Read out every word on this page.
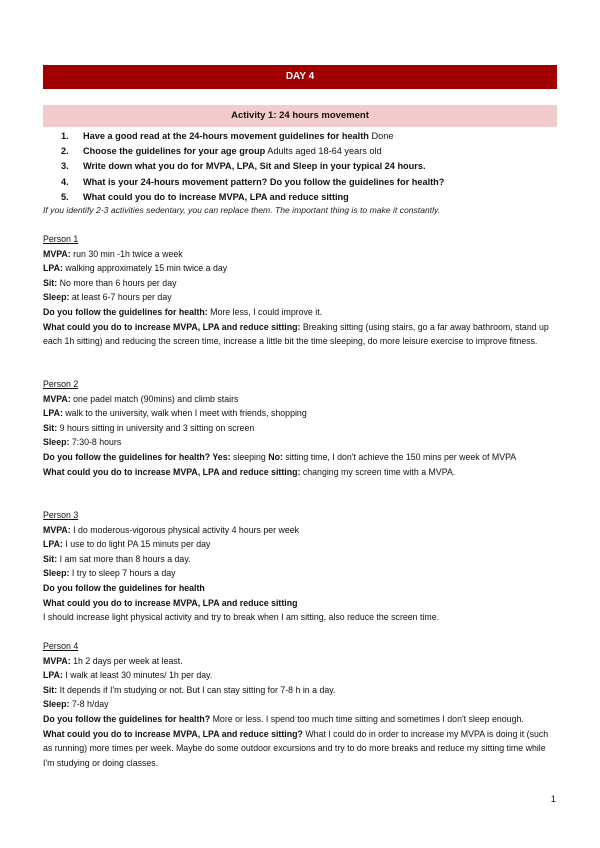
DAY 4
Activity 1: 24 hours movement
1. Have a good read at the 24-hours movement guidelines for health Done
2. Choose the guidelines for your age group Adults aged 18-64 years old
3. Write down what you do for MVPA, LPA, Sit and Sleep in your typical 24 hours.
4. What is your 24-hours movement pattern? Do you follow the guidelines for health?
5. What could you do to increase MVPA, LPA and reduce sitting
If you identify 2-3 activities sedentary, you can replace them. The important thing is to make it constantly.
Person 1
MVPA: run 30 min -1h twice a week
LPA: walking approximately 15 min twice a day
Sit: No more than 6 hours per day
Sleep: at least 6-7 hours per day
Do you follow the guidelines for health: More less, I could improve it.
What could you do to increase MVPA, LPA and reduce sitting: Breaking sitting (using stairs, go a far away bathroom, stand up each 1h sitting) and reducing the screen time, increase a little bit the time sleeping, do more leisure exercise to improve fitness.
Person 2
MVPA: one padel match (90mins) and climb stairs
LPA: walk to the university, walk when I meet with friends, shopping
Sit: 9 hours sitting in university and 3 sitting on screen
Sleep: 7:30-8 hours
Do you follow the guidelines for health? Yes: sleeping No: sitting time, I don't achieve the 150 mins per week of MVPA
What could you do to increase MVPA, LPA and reduce sitting: changing my screen time with a MVPA.
Person 3
MVPA: I do moderous-vigorous physical activity 4 hours per week
LPA: I use to do light PA 15 minuts per day
Sit: I am sat more than 8 hours a day.
Sleep: I try to sleep 7 hours a day
Do you follow the guidelines for health
What could you do to increase MVPA, LPA and reduce sitting
I should increase light physical activity and try to break when I am sitting, also reduce the screen time.
Person 4
MVPA: 1h 2 days per week at least.
LPA: I walk at least 30 minutes/ 1h per day.
Sit: It depends if I'm studying or not. But I can stay sitting for 7-8 h in a day.
Sleep: 7-8 h/day
Do you follow the guidelines for health? More or less. I spend too much time sitting and sometimes I don't sleep enough.
What could you do to increase MVPA, LPA and reduce sitting? What I could do in order to increase my MVPA is doing it (such as running) more times per week. Maybe do some outdoor excursions and try to do more breaks and reduce my sitting time while I'm studying or doing classes.
1
